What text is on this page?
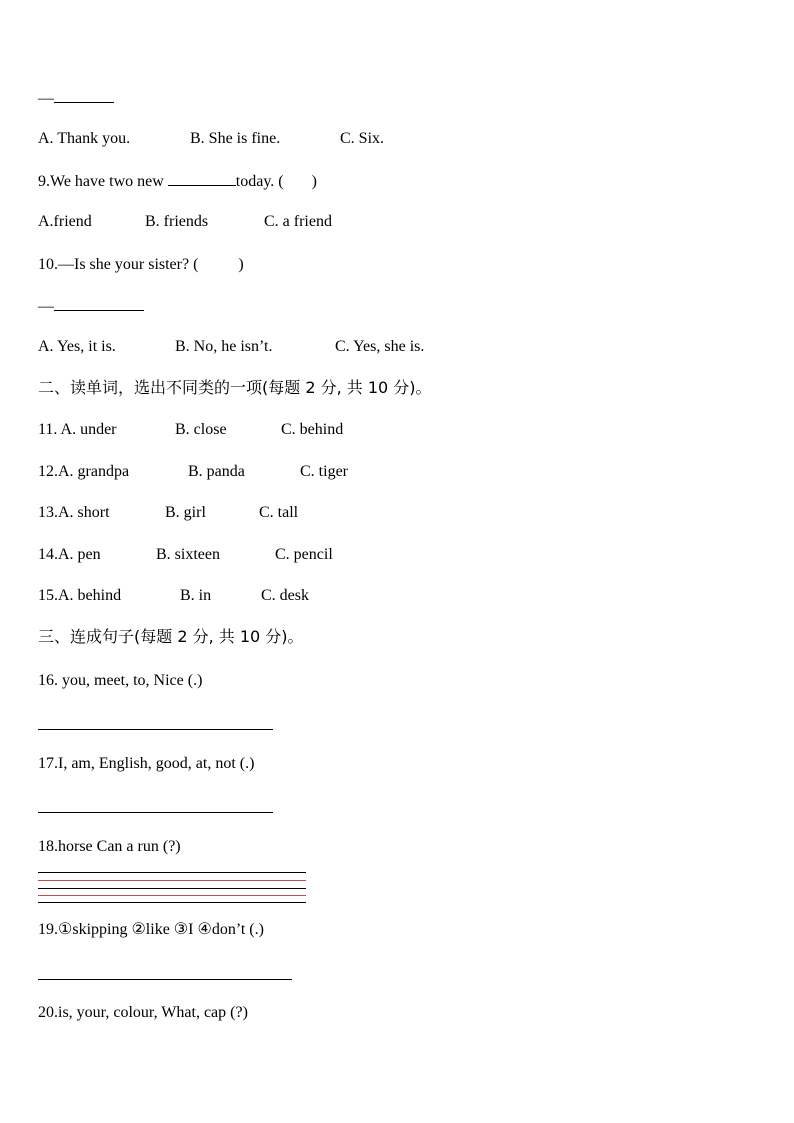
—
A. Thank you.	B. She is fine.	C. Six.
9.We have two new	today. ( )
A.friend	B. friends	C. a friend
10.—Is she your sister? (	)
—
A. Yes, it is.	B. No, he isn’t.	C. Yes, she is.
二、读单词，选出不同类的一项(每题 2 分, 共 10 分)。
11. A. under	B. close	C. behind
12.A. grandpa	B. panda	C. tiger
13.A. short	B. girl	C. tall
14.A. pen	B. sixteen	C. pencil
15.A. behind	B. in	C. desk
三、连成句子(每题 2 分, 共 10 分)。
16. you, meet, to, Nice (.)
17.I, am, English, good, at, not (.)
18.horse Can a run (?)
19.①skipping ②like ③I ④don’t (.)
20.is, your, colour, What, cap (?)
